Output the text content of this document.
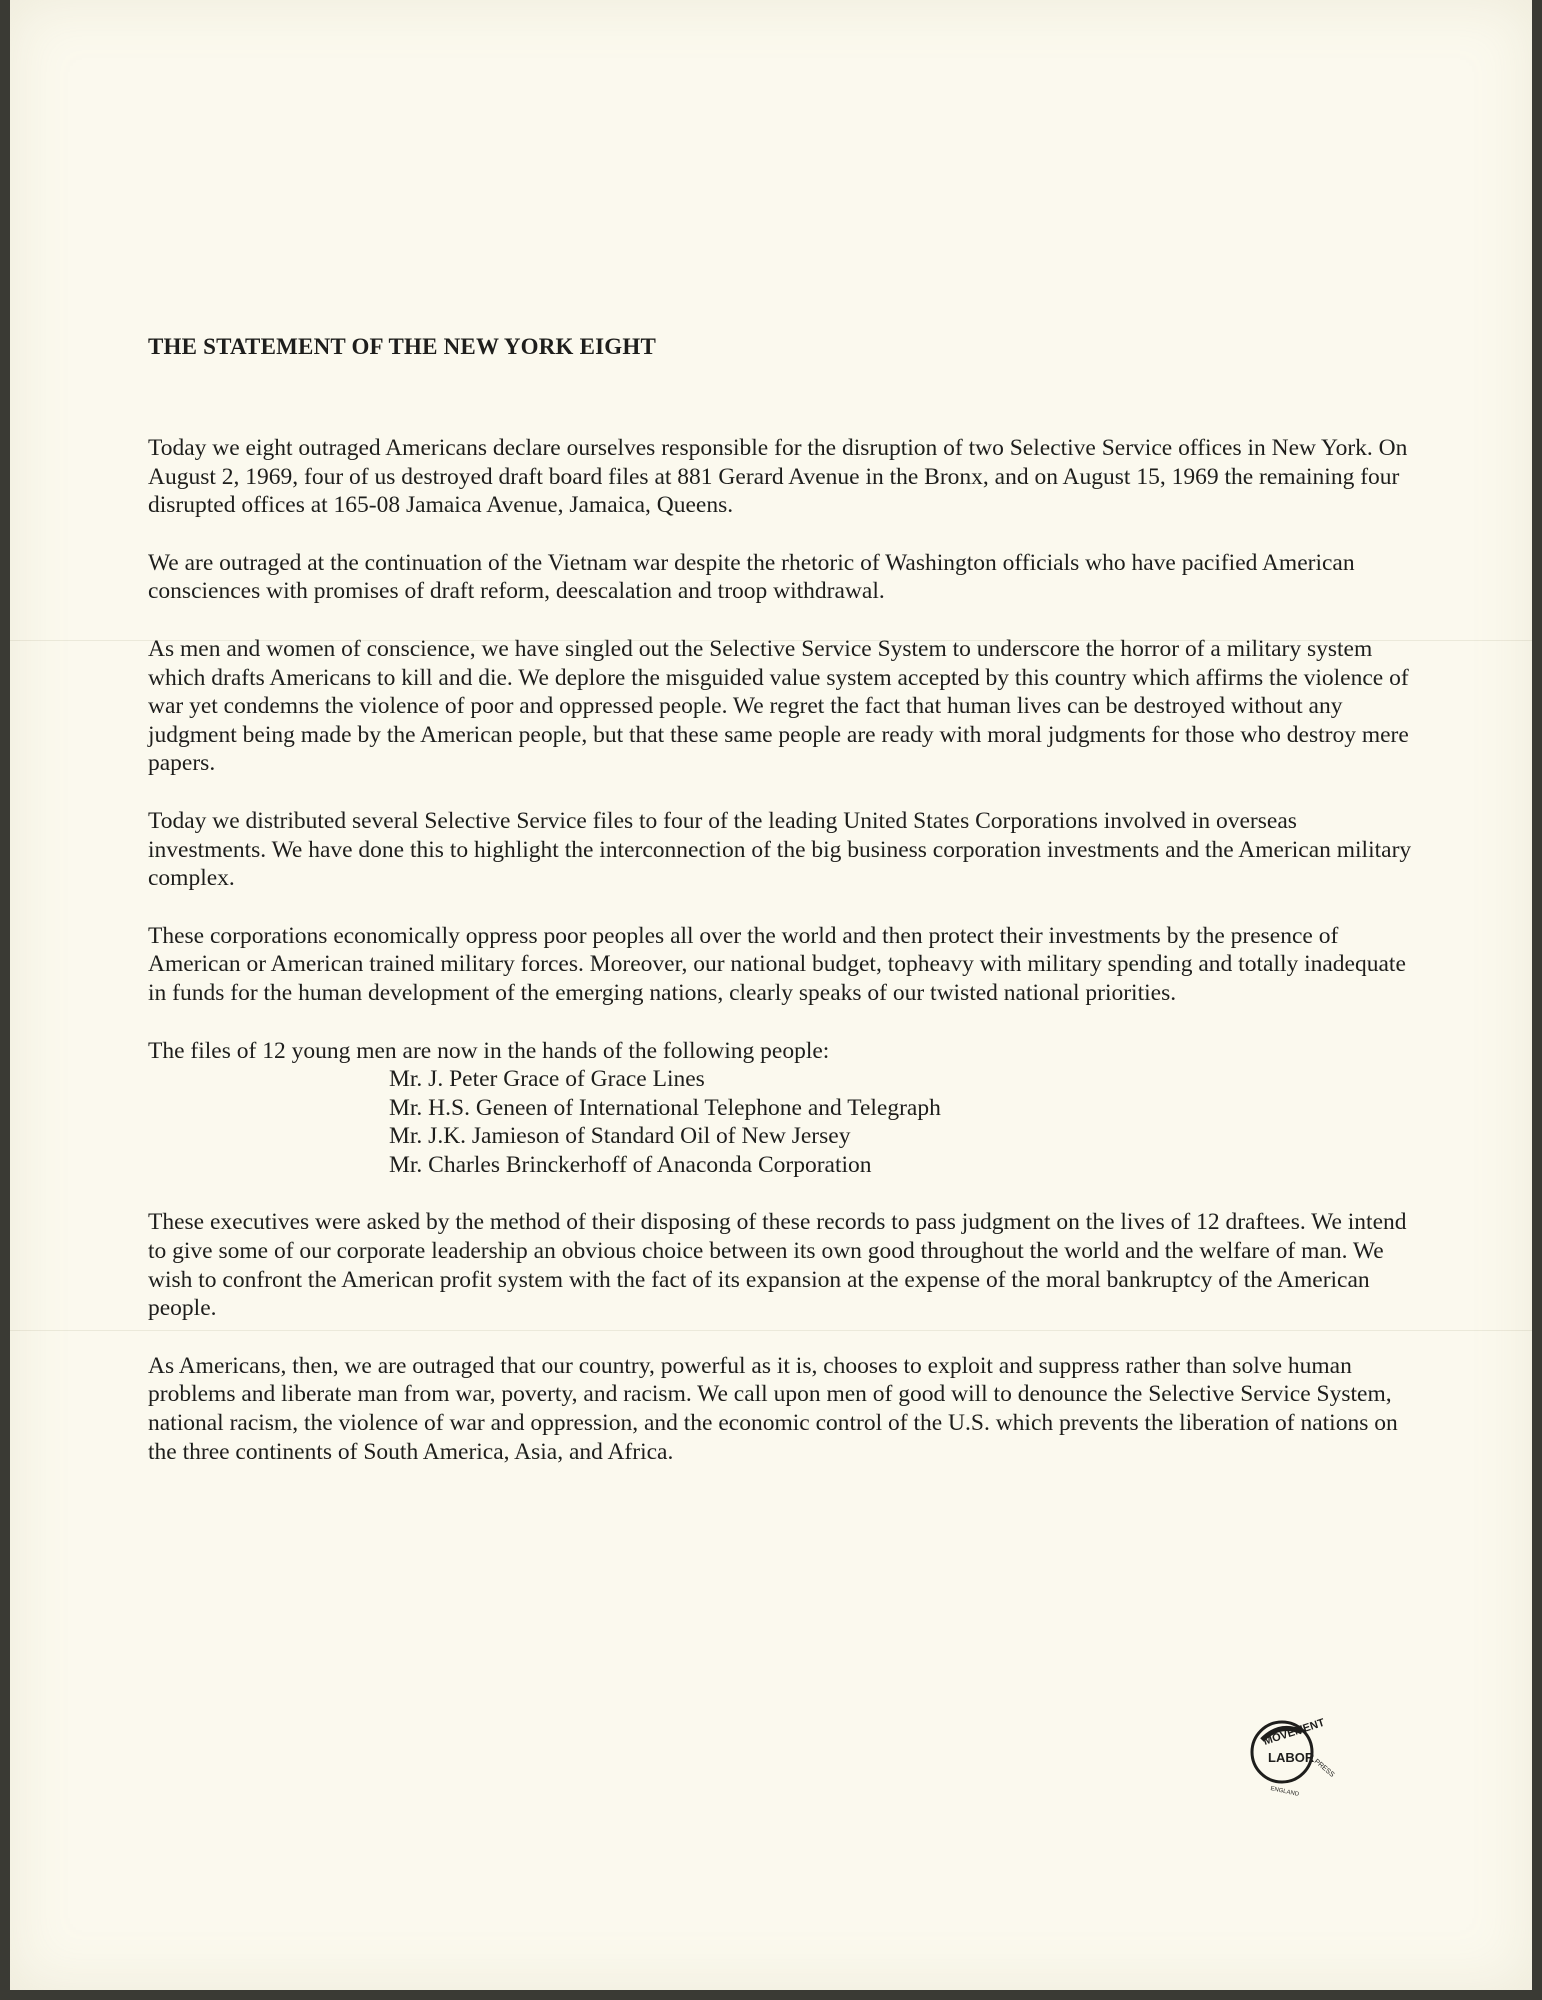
THE STATEMENT OF THE NEW YORK EIGHT

Today we eight outraged Americans declare ourselves responsible for the disruption of two Selective Service offices in New York. On August 2, 1969, four of us destroyed draft board files at 881 Gerard Avenue in the Bronx, and on August 15, 1969 the remaining four disrupted offices at 165-08 Jamaica Avenue, Jamaica, Queens.

We are outraged at the continuation of the Vietnam war despite the rhetoric of Washington officials who have pacified American consciences with promises of draft reform, deescalation and troop withdrawal.

As men and women of conscience, we have singled out the Selective Service System to underscore the horror of a military system which drafts Americans to kill and die. We deplore the misguided value system accepted by this country which affirms the violence of war yet condemns the violence of poor and oppressed people. We regret the fact that human lives can be destroyed without any judgment being made by the American people, but that these same people are ready with moral judgments for those who destroy mere papers.

Today we distributed several Selective Service files to four of the leading United States Corporations involved in overseas investments. We have done this to highlight the interconnection of the big business corporation investments and the American military complex.

These corporations economically oppress poor peoples all over the world and then protect their investments by the presence of American or American trained military forces. Moreover, our national budget, topheavy with military spending and totally inadequate in funds for the human development of the emerging nations, clearly speaks of our twisted national priorities.

The files of 12 young men are now in the hands of the following people:

Mr. J. Peter Grace of Grace Lines
Mr. H.S. Geneen of International Telephone and Telegraph
Mr. J.K. Jamieson of Standard Oil of New Jersey
Mr. Charles Brinckerhoff of Anaconda Corporation

These executives were asked by the method of their disposing of these records to pass judgment on the lives of 12 draftees. We intend to give some of our corporate leadership an obvious choice between its own good throughout the world and the welfare of man. We wish to confront the American profit system with the fact of its expansion at the expense of the moral bankruptcy of the American people.

As Americans, then, we are outraged that our country, powerful as it is, chooses to exploit and suppress rather than solve human problems and liberate man from war, poverty, and racism. We call upon men of good will to denounce the Selective Service System, national racism, the violence of war and oppression, and the economic control of the U.S. which prevents the liberation of nations on the three continents of South America, Asia, and Africa.

MOVEMENT
LABOR
PRESS
ENGLAND
